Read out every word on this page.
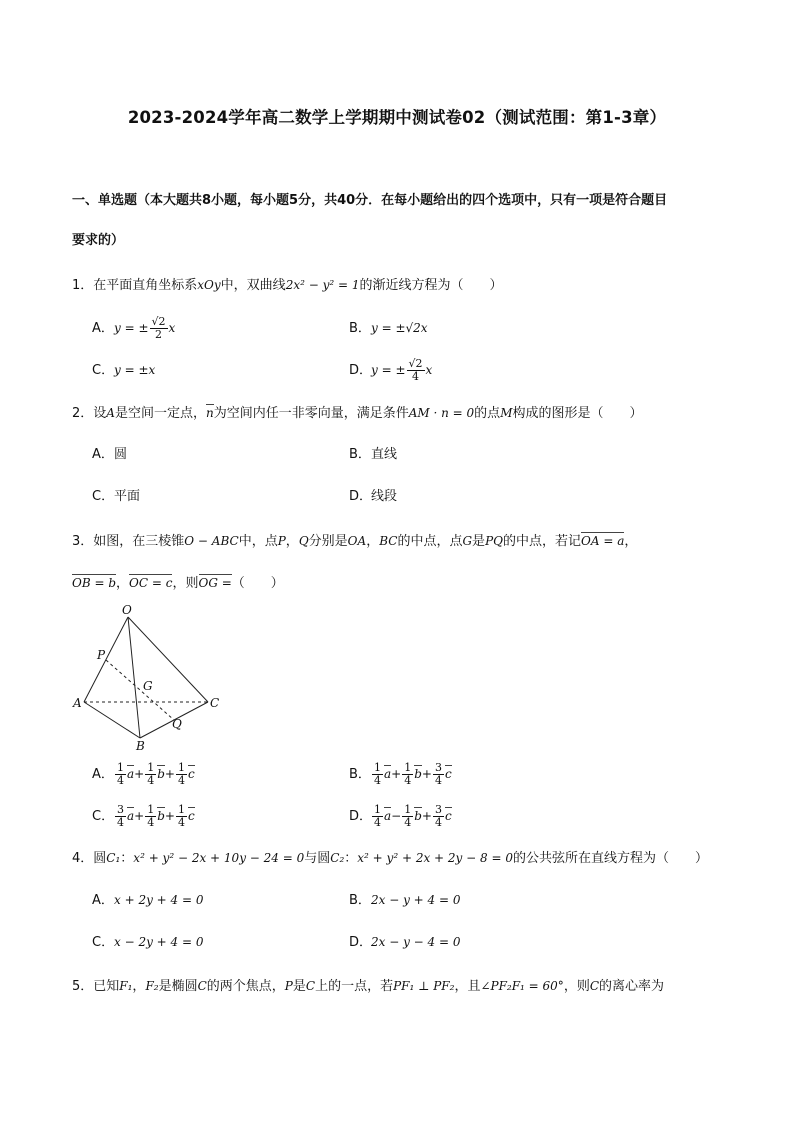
2023-2024学年高二数学上学期期中测试卷02（测试范围：第1-3章）
一、单选题（本大题共8小题，每小题5分，共40分．在每小题给出的四个选项中，只有一项是符合题目
要求的）
1．在平面直角坐标系xOy中，双曲线2x² − y² = 1的渐近线方程为（　　）
A．y = ± $\frac{√2}{2}$ x	B．y = ±√2x
C．y = ±x	D．y = ± $\frac{√2}{4}$ x
2．设A是空间一定点，n为空间内任一非零向量，满足条件AM · n = 0的点M构成的图形是（　　）
A．圆	B．直线
C．平面	D．线段
3．如图，在三棱锥O − ABC中，点P，Q分别是OA，BC的中点，点G是PQ的中点，若记OA = a，
OB = b，OC = c，则OG =（　　）
O
P
G
A	C
Q
B
A． $\frac{1}{4} a+ \frac{1}{4} b+ \frac{1}{4}$ c	B． $\frac{1}{4} a+ \frac{1}{4} b+ \frac{3}{4}$ c
C． $\frac{3}{4} a+ \frac{1}{4} b+ \frac{1}{4}$ c	D． $\frac{1}{4} a- \frac{1}{4} b+ \frac{3}{4}$ c
4．圆C₁：x² + y² − 2x + 10y − 24 = 0与圆C₂：x² + y² + 2x + 2y − 8 = 0的公共弦所在直线方程为（　　）
A．x + 2y + 4 = 0	B．2x − y + 4 = 0
C．x − 2y + 4 = 0	D．2x − y − 4 = 0
5．已知F₁，F₂是椭圆C的两个焦点，P是C上的一点，若PF₁ ⊥ PF₂，且∠PF₂F₁ = 60°，则C的离心率为
